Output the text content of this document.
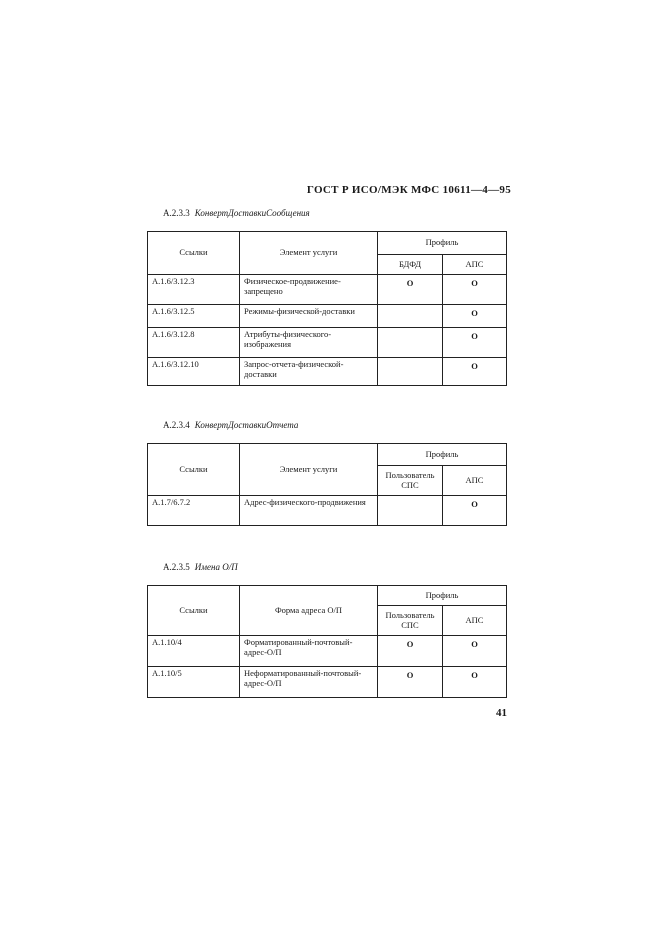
ГОСТ Р ИСО/МЭК МФС 10611—4—95
A.2.3.3 КонвертДоставкиСообщения
Ссылки	Элемент услуги	Профиль	
		БДФД	АПС
A.1.6/3.12.3	Физическое-продвижение-запрещено	O	O
A.1.6/3.12.5	Режимы-физической-доставки		O
A.1.6/3.12.8	Атрибуты-физического-изображения		O
A.1.6/3.12.10	Запрос-отчета-физической-доставки		O
A.2.3.4 КонвертДоставкиОтчета
Ссылки	Элемент услуги	Профиль	
		Пользователь СПС	АПС
A.1.7/6.7.2	Адрес-физического-продвижения		O
A.2.3.5 Имена О/П
Ссылки	Форма адреса О/П	Профиль	
		Пользователь СПС	АПС
A.1.10/4	Форматированный-почтовый-адрес-О/П	O	O
A.1.10/5	Неформатированный-почтовый-адрес-О/П	O	O
41
